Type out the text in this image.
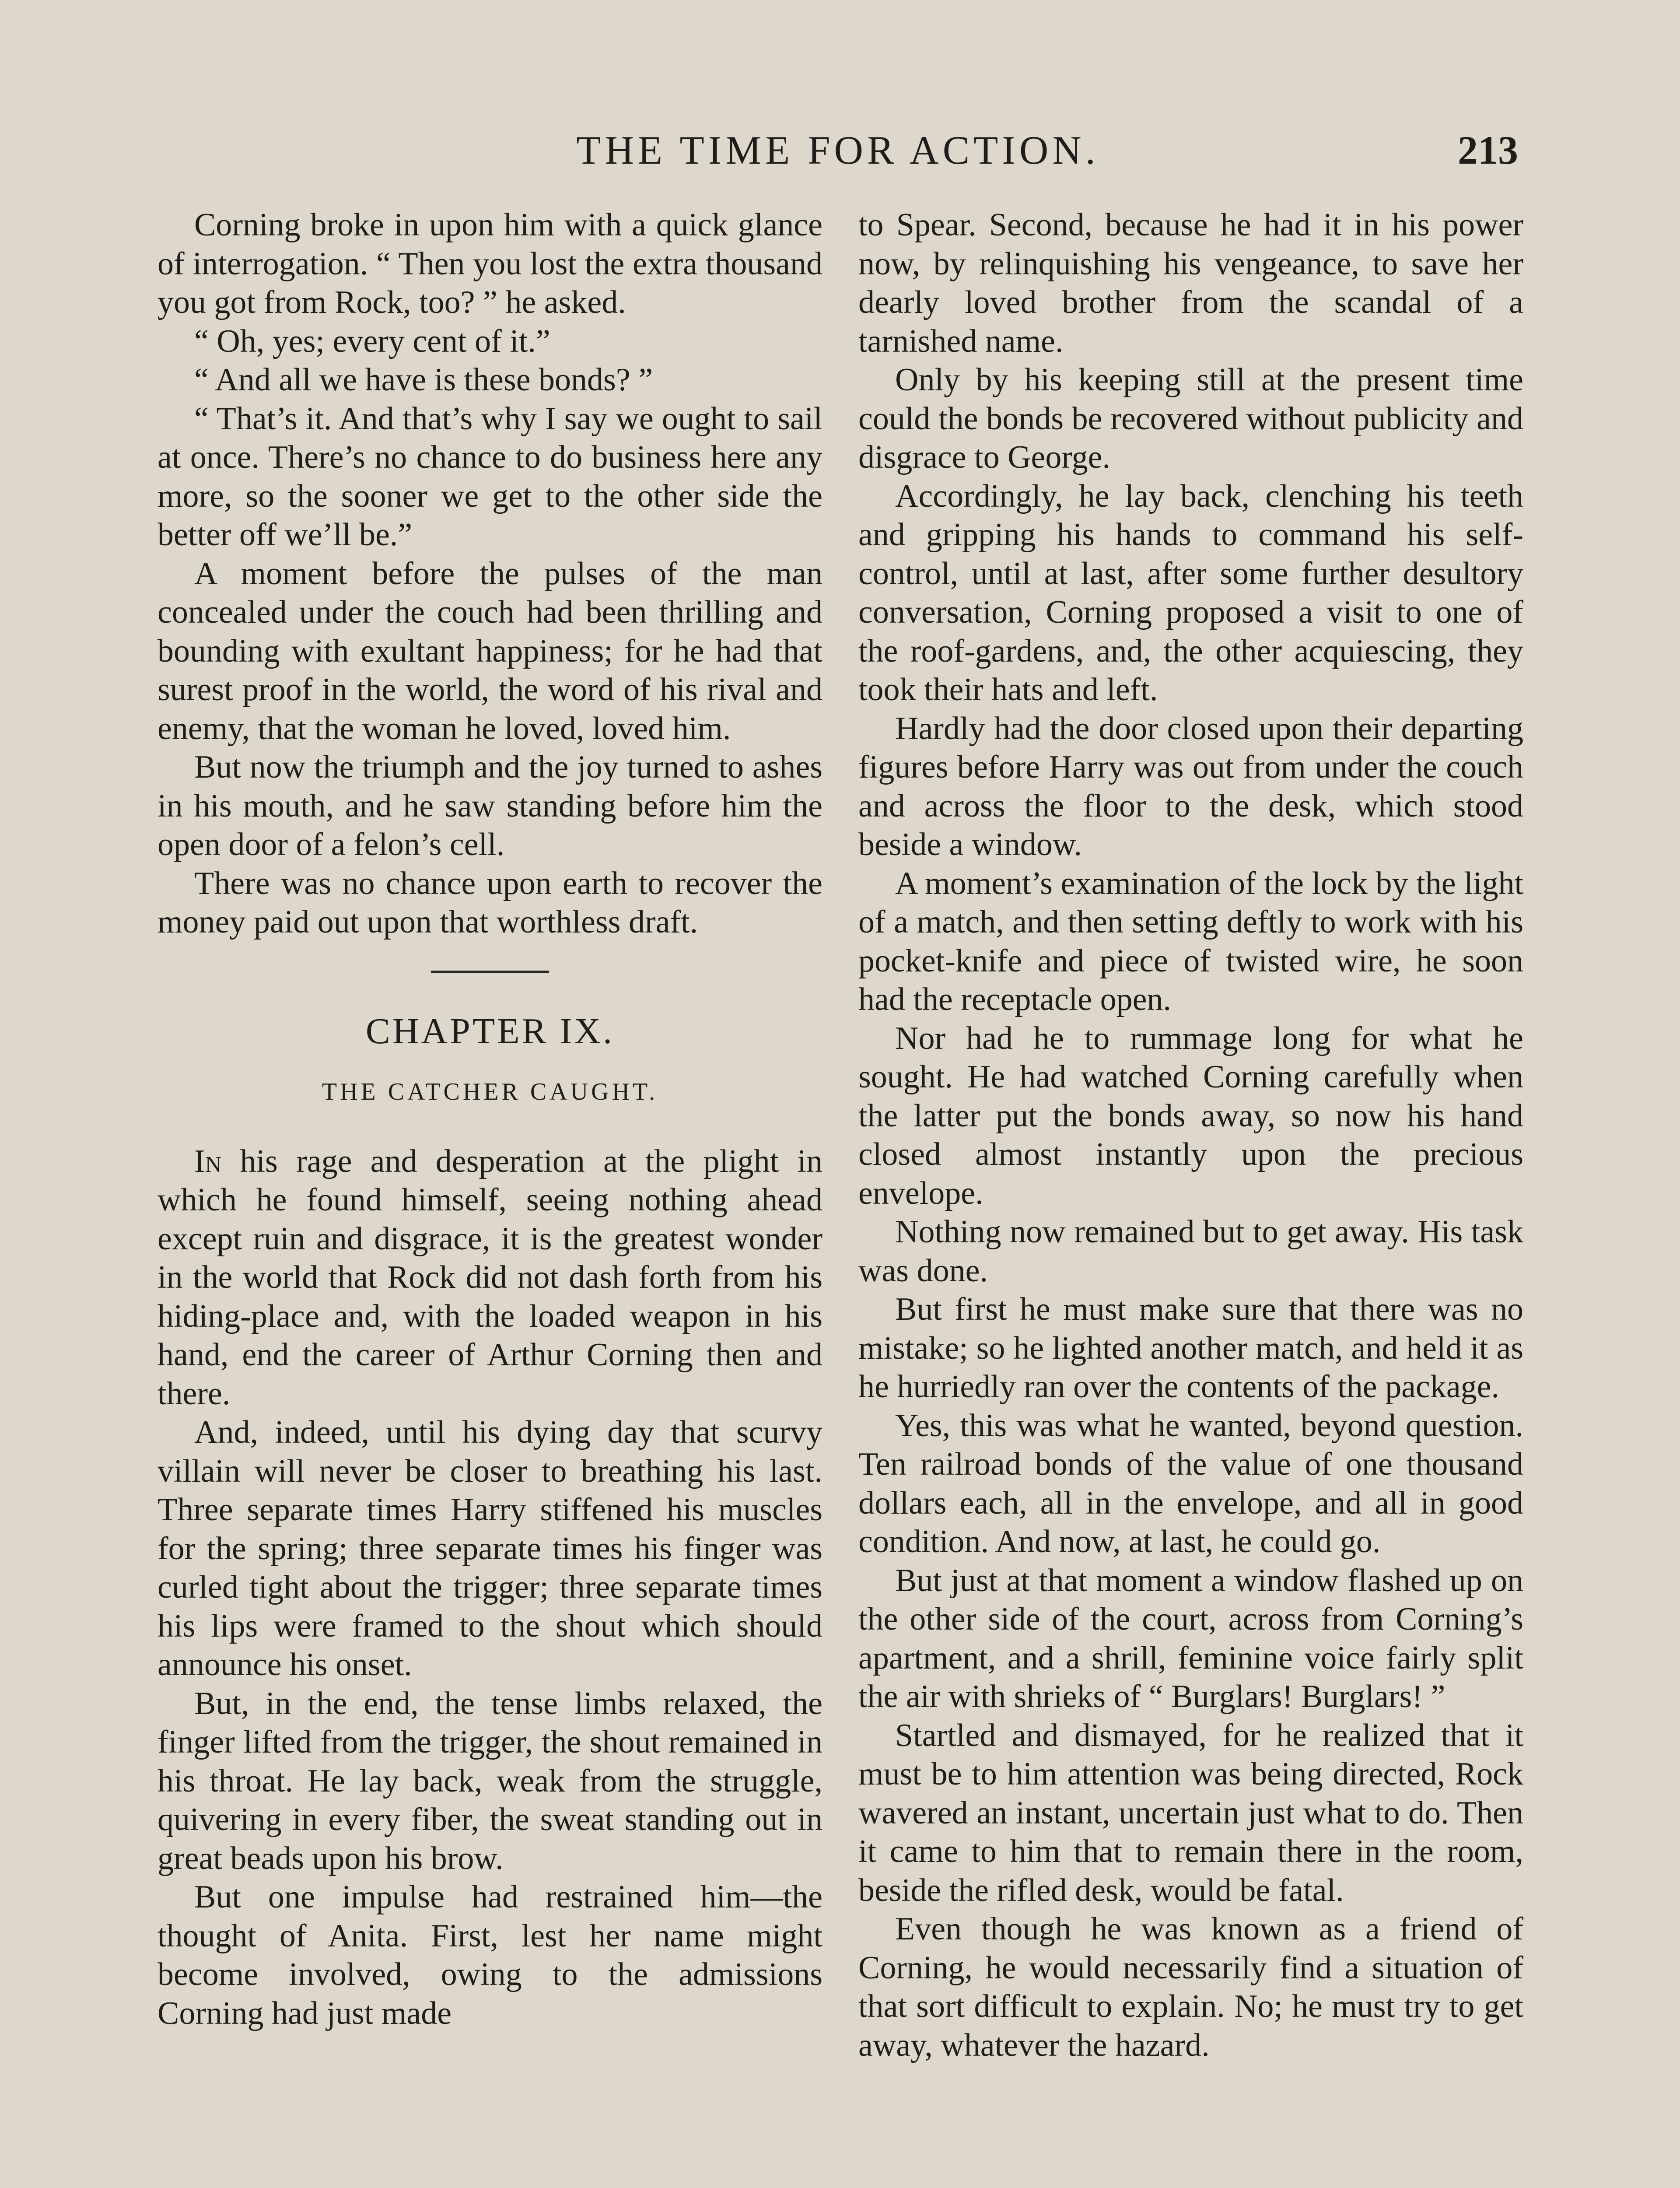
THE TIME FOR ACTION.	213

Corning broke in upon him with a quick glance of interrogation. “ Then you lost the extra thousand you got from Rock, too? ” he asked.

“ Oh, yes; every cent of it.”

“ And all we have is these bonds? ”

“ That’s it. And that’s why I say we ought to sail at once. There’s no chance to do business here any more, so the sooner we get to the other side the better off we’ll be.”

A moment before the pulses of the man concealed under the couch had been thrilling and bounding with exultant happiness; for he had that surest proof in the world, the word of his rival and enemy, that the woman he loved, loved him.

But now the triumph and the joy turned to ashes in his mouth, and he saw standing before him the open door of a felon’s cell.

There was no chance upon earth to recover the money paid out upon that worthless draft.

CHAPTER IX.
THE CATCHER CAUGHT.

In his rage and desperation at the plight in which he found himself, seeing nothing ahead except ruin and disgrace, it is the greatest wonder in the world that Rock did not dash forth from his hiding-place and, with the loaded weapon in his hand, end the career of Arthur Corning then and there.

And, indeed, until his dying day that scurvy villain will never be closer to breathing his last. Three separate times Harry stiffened his muscles for the spring; three separate times his finger was curled tight about the trigger; three separate times his lips were framed to the shout which should announce his onset.

But, in the end, the tense limbs relaxed, the finger lifted from the trigger, the shout remained in his throat. He lay back, weak from the struggle, quivering in every fiber, the sweat standing out in great beads upon his brow.

But one impulse had restrained him—the thought of Anita. First, lest her name might become involved, owing to the admissions Corning had just made

to Spear. Second, because he had it in his power now, by relinquishing his vengeance, to save her dearly loved brother from the scandal of a tarnished name.

Only by his keeping still at the present time could the bonds be recovered without publicity and disgrace to George.

Accordingly, he lay back, clenching his teeth and gripping his hands to command his self-control, until at last, after some further desultory conversation, Corning proposed a visit to one of the roof-gardens, and, the other acquiescing, they took their hats and left.

Hardly had the door closed upon their departing figures before Harry was out from under the couch and across the floor to the desk, which stood beside a window.

A moment’s examination of the lock by the light of a match, and then setting deftly to work with his pocket-knife and piece of twisted wire, he soon had the receptacle open.

Nor had he to rummage long for what he sought. He had watched Corning carefully when the latter put the bonds away, so now his hand closed almost instantly upon the precious envelope.

Nothing now remained but to get away. His task was done.

But first he must make sure that there was no mistake; so he lighted another match, and held it as he hurriedly ran over the contents of the package.

Yes, this was what he wanted, beyond question. Ten railroad bonds of the value of one thousand dollars each, all in the envelope, and all in good condition. And now, at last, he could go.

But just at that moment a window flashed up on the other side of the court, across from Corning’s apartment, and a shrill, feminine voice fairly split the air with shrieks of “ Burglars! Burglars! ”

Startled and dismayed, for he realized that it must be to him attention was being directed, Rock wavered an instant, uncertain just what to do. Then it came to him that to remain there in the room, beside the rifled desk, would be fatal.

Even though he was known as a friend of Corning, he would necessarily find a situation of that sort difficult to explain. No; he must try to get away, whatever the hazard.
